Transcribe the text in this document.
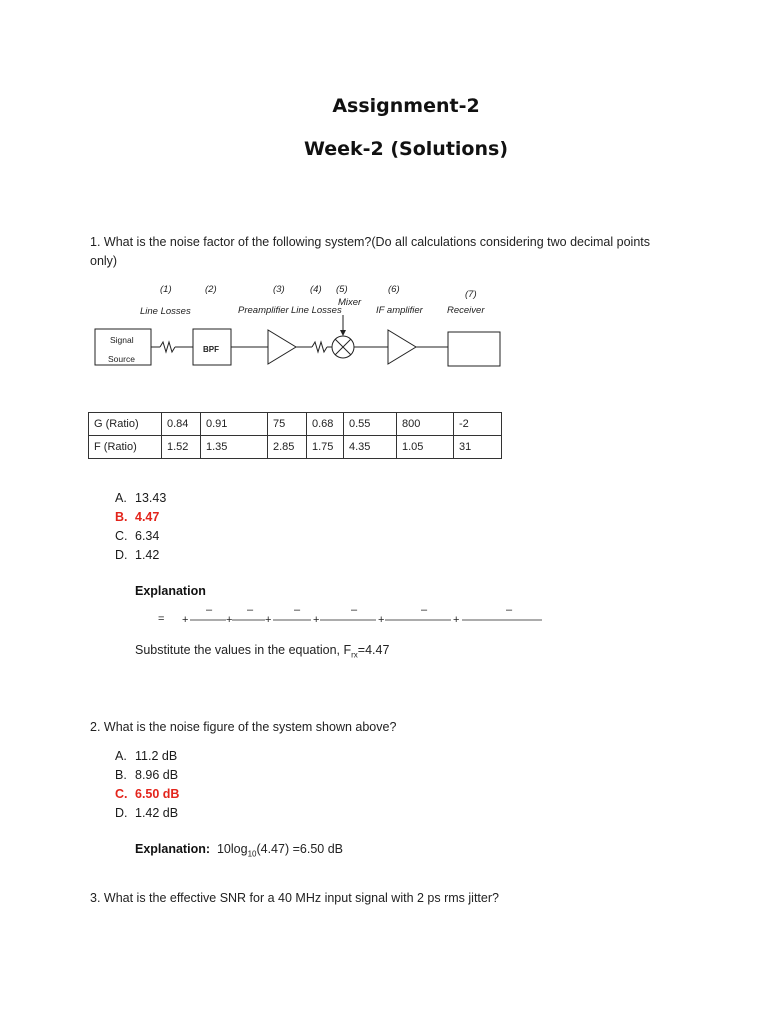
Assignment-2
Week-2 (Solutions)
1. What is the noise factor of the following system?(Do all calculations considering two decimal points only)
(1)	(2)	(3)	(4) (5)	(6)	(7)
Line Losses	Preamplifier Line Losses
Mixer
IF amplifier	Receiver
Signal
Source
BPF
G (Ratio)	0.84	0.91	75	0.68	0.55	800	-2
F (Ratio)	1.52	1.35	2.85	1.75	4.35	1.05	31
A. 13.43
B. 4.47
C. 6.34
D. 1.42
Explanation
= +	+	+	+	+	+
–	–	–	–	–	–
Substitute the values in the equation, $F_{rx}=4.47$
2. What is the noise figure of the system shown above?
A. 11.2 dB
B. 8.96 dB
C. 6.50 dB
D. 1.42 dB
Explanation: $10\log_{10}(4.47) =6.50$ dB
3. What is the effective SNR for a 40 MHz input signal with 2 ps rms jitter?
